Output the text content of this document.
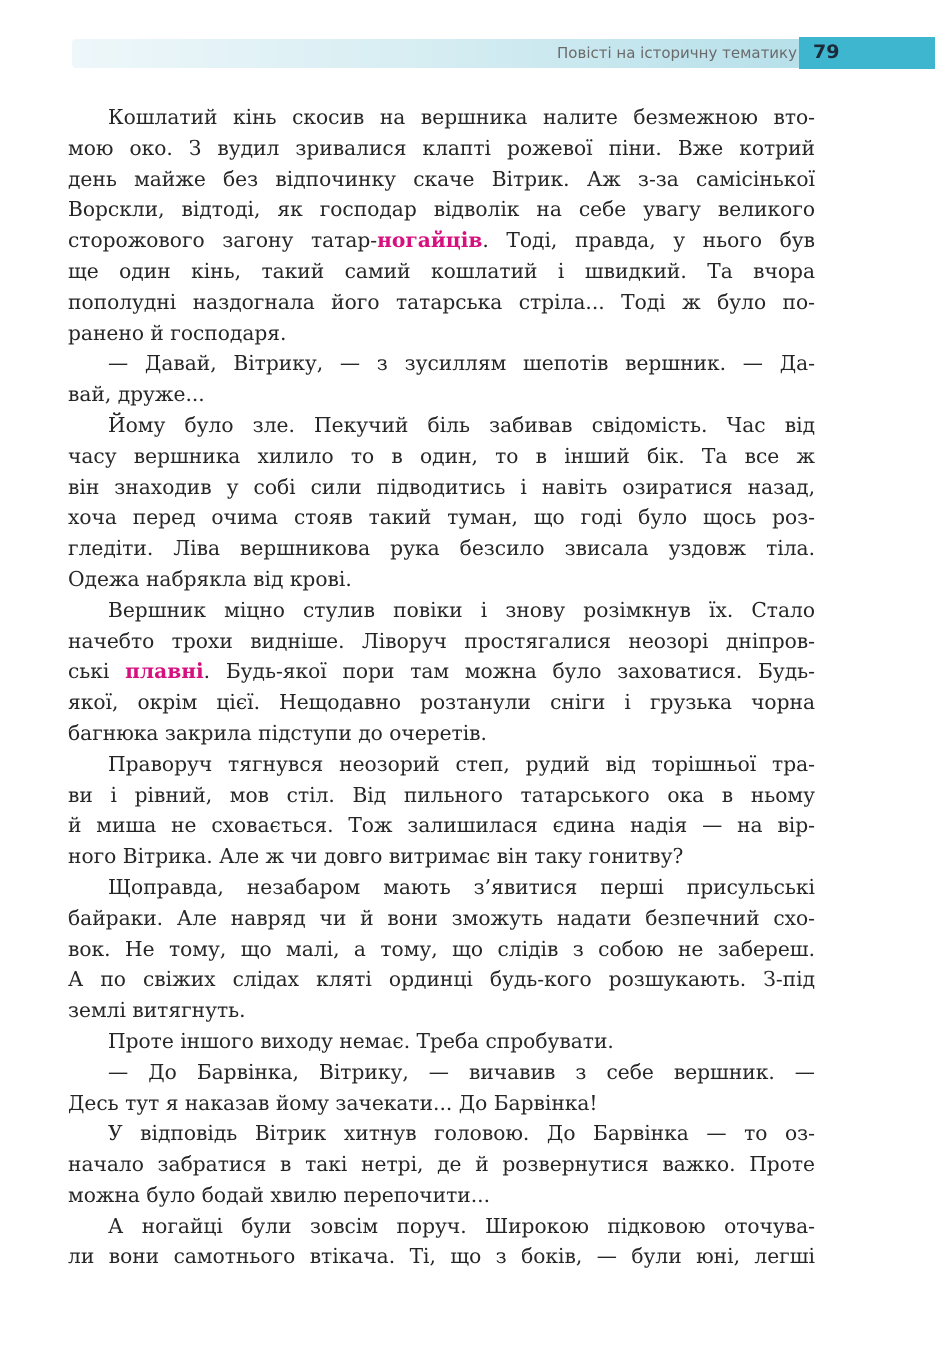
Повісті на історичну тематику 79
Кошлатий кінь скосив на вершника налите безмежною вто-
мою око. З вудил зривалися клапті рожевої піни. Вже котрий
день майже без відпочинку скаче Вітрик. Аж з-за самісінької
Ворскли, відтоді, як господар відволік на себе увагу великого
сторожового загону татар-ногайців. Тоді, правда, у нього був
ще один кінь, такий самий кошлатий і швидкий. Та вчора
пополудні наздогнала його татарська стріла... Тоді ж було по-
ранено й господаря.
— Давай, Вітрику, — з зусиллям шепотів вершник. — Да-
вай, друже...
Йому було зле. Пекучий біль забивав свідомість. Час від
часу вершника хилило то в один, то в інший бік. Та все ж
він знаходив у собі сили підводитись і навіть озиратися назад,
хоча перед очима стояв такий туман, що годі було щось роз-
гледіти. Ліва вершникова рука безсило звисала уздовж тіла.
Одежа набрякла від крові.
Вершник міцно стулив повіки і знову розімкнув їх. Стало
начебто трохи видніше. Ліворуч простягалися неозорі дніпров-
ські плавні. Будь-якої пори там можна було заховатися. Будь-
якої, окрім цієї. Нещодавно розтанули сніги і грузька чорна
багнюка закрила підступи до очеретів.
Праворуч тягнувся неозорий степ, рудий від торішньої тра-
ви і рівний, мов стіл. Від пильного татарського ока в ньому
й миша не сховається. Тож залишилася єдина надія — на вір-
ного Вітрика. Але ж чи довго витримає він таку гонитву?
Щоправда, незабаром мають з’явитися перші присульські
байраки. Але навряд чи й вони зможуть надати безпечний схо-
вок. Не тому, що малі, а тому, що слідів з собою не забереш.
А по свіжих слідах кляті ординці будь-кого розшукають. З-під
землі витягнуть.
Проте іншого виходу немає. Треба спробувати.
— До Барвінка, Вітрику, — вичавив з себе вершник. —
Десь тут я наказав йому зачекати... До Барвінка!
У відповідь Вітрик хитнув головою. До Барвінка — то оз-
начало забратися в такі нетрі, де й розвернутися важко. Проте
можна було бодай хвилю перепочити...
А ногайці були зовсім поруч. Широкою підковою оточува-
ли вони самотнього втікача. Ті, що з боків, — були юні, легші
